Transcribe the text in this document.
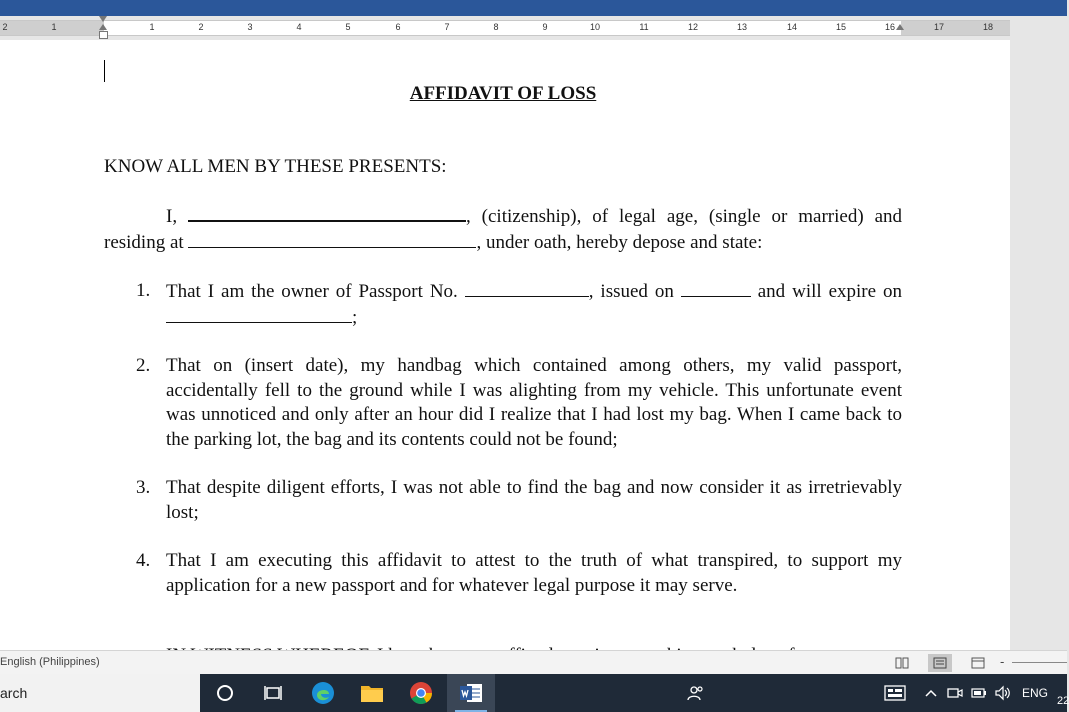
2	1	2	3	4	5	6	7	8	9	10	11	12	13	14	15	16	17	18
1
AFFIDAVIT OF LOSS
KNOW ALL MEN BY THESE PRESENTS:
I,	, (citizenship), of legal age, (single or married) and residing at	, under oath, hereby depose and state:
1. That I am the owner of Passport No.	, issued on	and will expire on ;
2. That on (insert date), my handbag which contained among others, my valid passport, accidentally fell to the ground while I was alighting from my vehicle. This unfortunate event was unnoticed and only after an hour did I realize that I had lost my bag. When I came back to the parking lot, the bag and its contents could not be found;
3. That despite diligent efforts, I was not able to find the bag and now consider it as irretrievably lost;
4. That I am executing this affidavit to attest to the truth of what transpired, to support my application for a new passport and for whatever legal purpose it may serve.
English (Philippines)	-
arch	ENG
22
